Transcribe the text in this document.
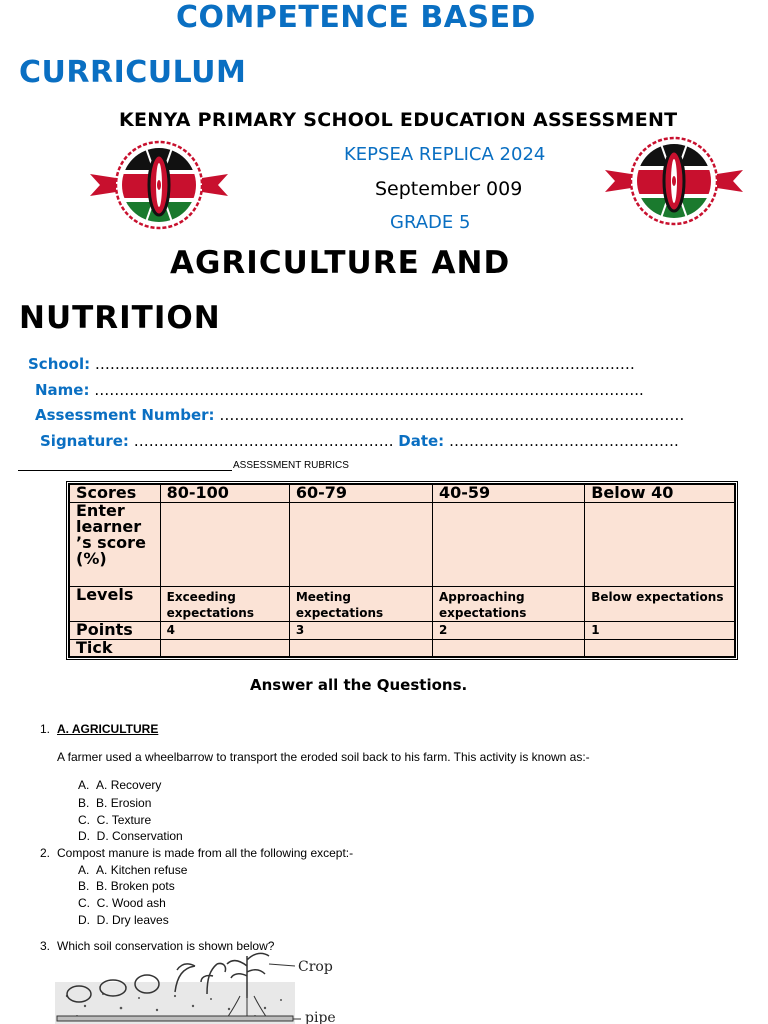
COMPETENCE BASED
CURRICULUM
KENYA PRIMARY SCHOOL EDUCATION ASSESSMENT
KEPSEA REPLICA 2024
September 009
GRADE 5
AGRICULTURE AND
NUTRITION
School: ………………………………………………………………………………………………
Name: ………………………………………………………………………………………………..
Assessment Number: …………………………………………………………………………………
Signature: ……………………………………………. Date: ……………………………………….
ASSESSMENT RUBRICS
Scores	80-100	60-79	40-59	Below 40
Enter learner ’s score (%)				
Levels	Exceeding expectations	Meeting expectations	Approaching expectations	Below expectations
Points	4	3	2	1
Tick				
Answer all the Questions.
1. A. AGRICULTURE
A farmer used a wheelbarrow to transport the eroded soil back to his farm. This activity is known as:-
A. A. Recovery
B. B. Erosion
C. C. Texture
D. D. Conservation
2. Compost manure is made from all the following except:-
A. A. Kitchen refuse
B. B. Broken pots
C. C. Wood ash
D. D. Dry leaves
3. Which soil conservation is shown below?
Crop
pipe
